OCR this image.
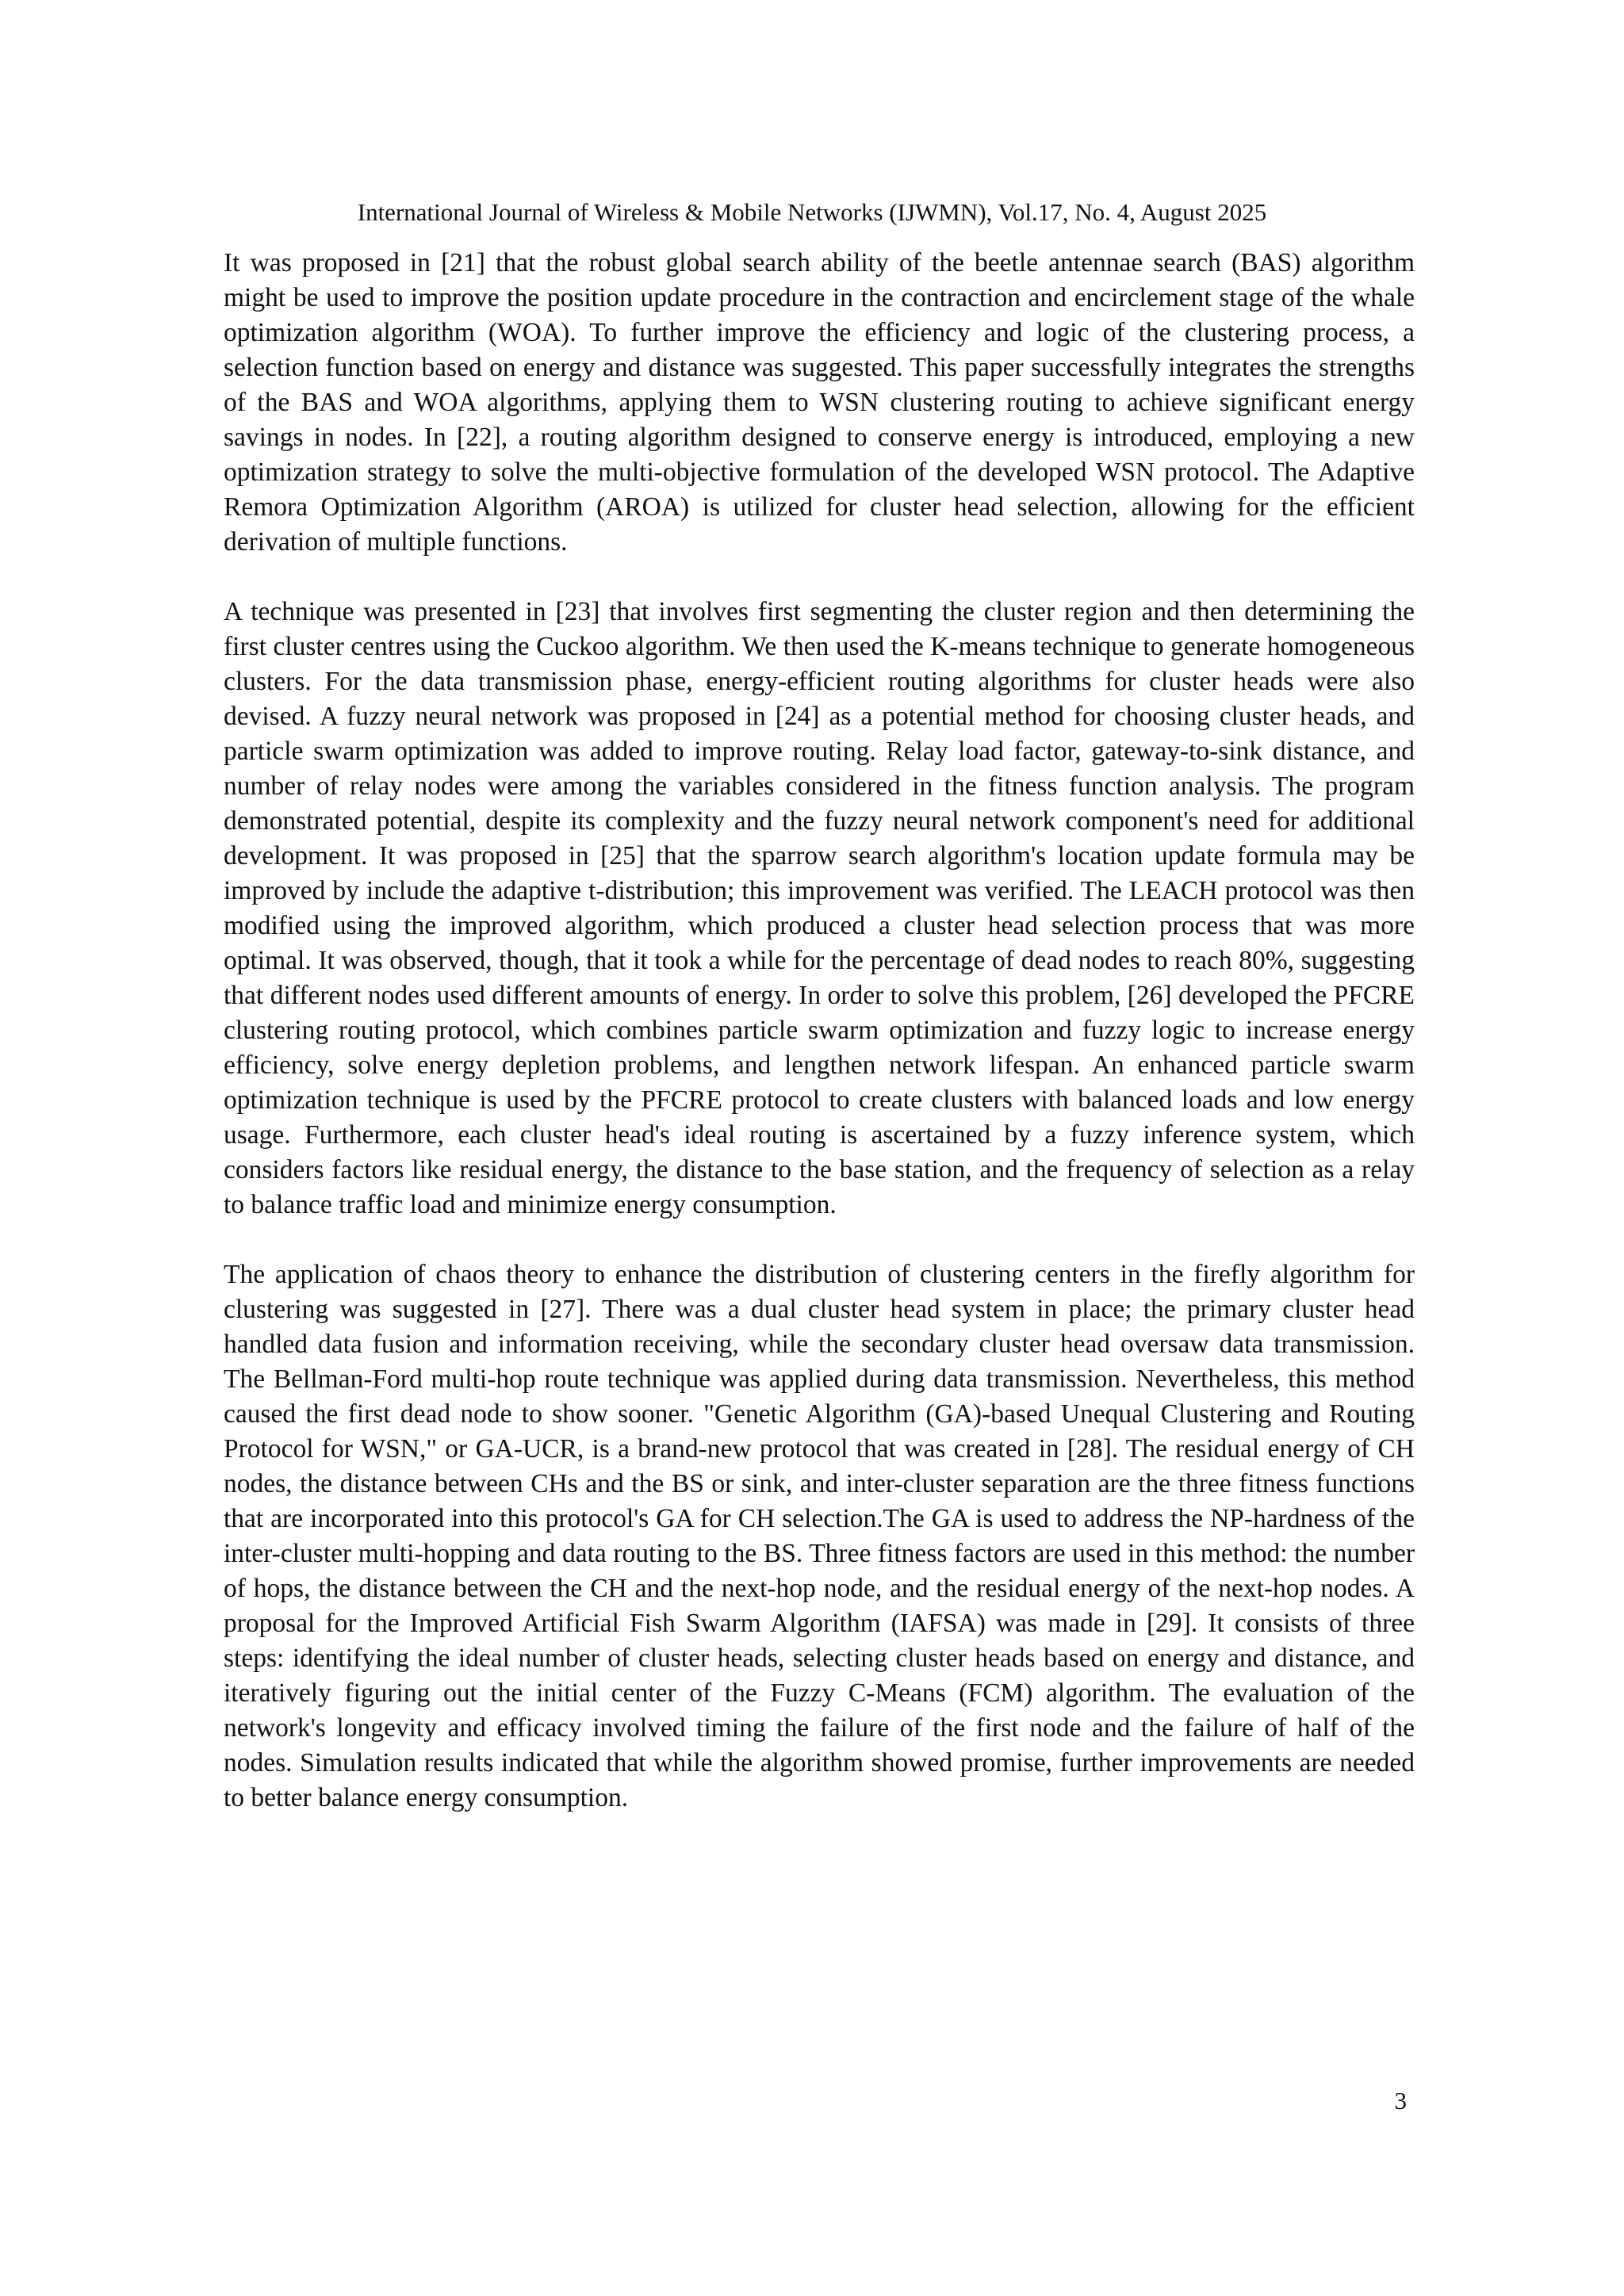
International Journal of Wireless & Mobile Networks (IJWMN), Vol.17, No. 4, August 2025

It was proposed in [21] that the robust global search ability of the beetle antennae search (BAS) algorithm might be used to improve the position update procedure in the contraction and encirclement stage of the whale optimization algorithm (WOA). To further improve the efficiency and logic of the clustering process, a selection function based on energy and distance was suggested. This paper successfully integrates the strengths of the BAS and WOA algorithms, applying them to WSN clustering routing to achieve significant energy savings in nodes. In [22], a routing algorithm designed to conserve energy is introduced, employing a new optimization strategy to solve the multi-objective formulation of the developed WSN protocol. The Adaptive Remora Optimization Algorithm (AROA) is utilized for cluster head selection, allowing for the efficient derivation of multiple functions.

A technique was presented in [23] that involves first segmenting the cluster region and then determining the first cluster centres using the Cuckoo algorithm. We then used the K-means technique to generate homogeneous clusters. For the data transmission phase, energy-efficient routing algorithms for cluster heads were also devised. A fuzzy neural network was proposed in [24] as a potential method for choosing cluster heads, and particle swarm optimization was added to improve routing. Relay load factor, gateway-to-sink distance, and number of relay nodes were among the variables considered in the fitness function analysis. The program demonstrated potential, despite its complexity and the fuzzy neural network component's need for additional development. It was proposed in [25] that the sparrow search algorithm's location update formula may be improved by include the adaptive t-distribution; this improvement was verified. The LEACH protocol was then modified using the improved algorithm, which produced a cluster head selection process that was more optimal. It was observed, though, that it took a while for the percentage of dead nodes to reach 80%, suggesting that different nodes used different amounts of energy. In order to solve this problem, [26] developed the PFCRE clustering routing protocol, which combines particle swarm optimization and fuzzy logic to increase energy efficiency, solve energy depletion problems, and lengthen network lifespan. An enhanced particle swarm optimization technique is used by the PFCRE protocol to create clusters with balanced loads and low energy usage. Furthermore, each cluster head's ideal routing is ascertained by a fuzzy inference system, which considers factors like residual energy, the distance to the base station, and the frequency of selection as a relay to balance traffic load and minimize energy consumption.

The application of chaos theory to enhance the distribution of clustering centers in the firefly algorithm for clustering was suggested in [27]. There was a dual cluster head system in place; the primary cluster head handled data fusion and information receiving, while the secondary cluster head oversaw data transmission. The Bellman-Ford multi-hop route technique was applied during data transmission. Nevertheless, this method caused the first dead node to show sooner. "Genetic Algorithm (GA)-based Unequal Clustering and Routing Protocol for WSN," or GA-UCR, is a brand-new protocol that was created in [28]. The residual energy of CH nodes, the distance between CHs and the BS or sink, and inter-cluster separation are the three fitness functions that are incorporated into this protocol's GA for CH selection.The GA is used to address the NP-hardness of the inter-cluster multi-hopping and data routing to the BS. Three fitness factors are used in this method: the number of hops, the distance between the CH and the next-hop node, and the residual energy of the next-hop nodes. A proposal for the Improved Artificial Fish Swarm Algorithm (IAFSA) was made in [29]. It consists of three steps: identifying the ideal number of cluster heads, selecting cluster heads based on energy and distance, and iteratively figuring out the initial center of the Fuzzy C-Means (FCM) algorithm. The evaluation of the network's longevity and efficacy involved timing the failure of the first node and the failure of half of the nodes. Simulation results indicated that while the algorithm showed promise, further improvements are needed to better balance energy consumption.

3
